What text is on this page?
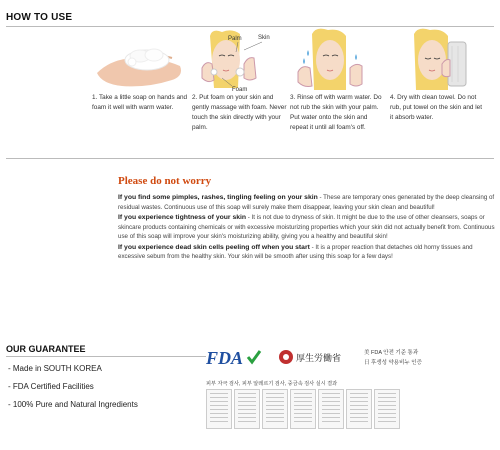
HOW TO USE
Palm	Skin
Foam
1. Take a little soap on hands and foam it well with warm water.
2. Put foam on your skin and gently massage with foam. Never touch the skin directly with your palm.
3. Rinse off with warm water. Do not rub the skin with your palm. Put water onto the skin and repeat it until all foam's off.
4. Dry with clean towel. Do not rub, put towel on the skin and let it absorb water.
Please do not worry

If you find some pimples, rashes, tingling feeling on your skin - These are temporary ones generated by the deep cleansing of residual wastes. Continuous use of this soap will surely make them disappear, leaving your skin clean and beautiful!

If you experience tightness of your skin - It is not due to dryness of skin. It might be due to the use of other cleansers, soaps or skincare products containing chemicals or with excessive moisturizing properties which your skin did not actually benefit from. Continuous use of this soap will improve your skin's moisturizing ability, giving you a healthy and beautiful skin!

If you experience dead skin cells peeling off when you start - It is a proper reaction that detaches old horny tissues and excessive sebum from the healthy skin. Your skin will be smooth after using this soap for a few days!

OUR GUARANTEE
- Made in SOUTH KOREA
- FDA Certified Facilities
- 100% Pure and Natural Ingredients
FDA	厚生労働省
美 FDA 안전 기준 통과
日 후생성 약용비누 인증
피부 자극 검사, 피부 알레르기 검사, 중금속 검사 실시 결과
